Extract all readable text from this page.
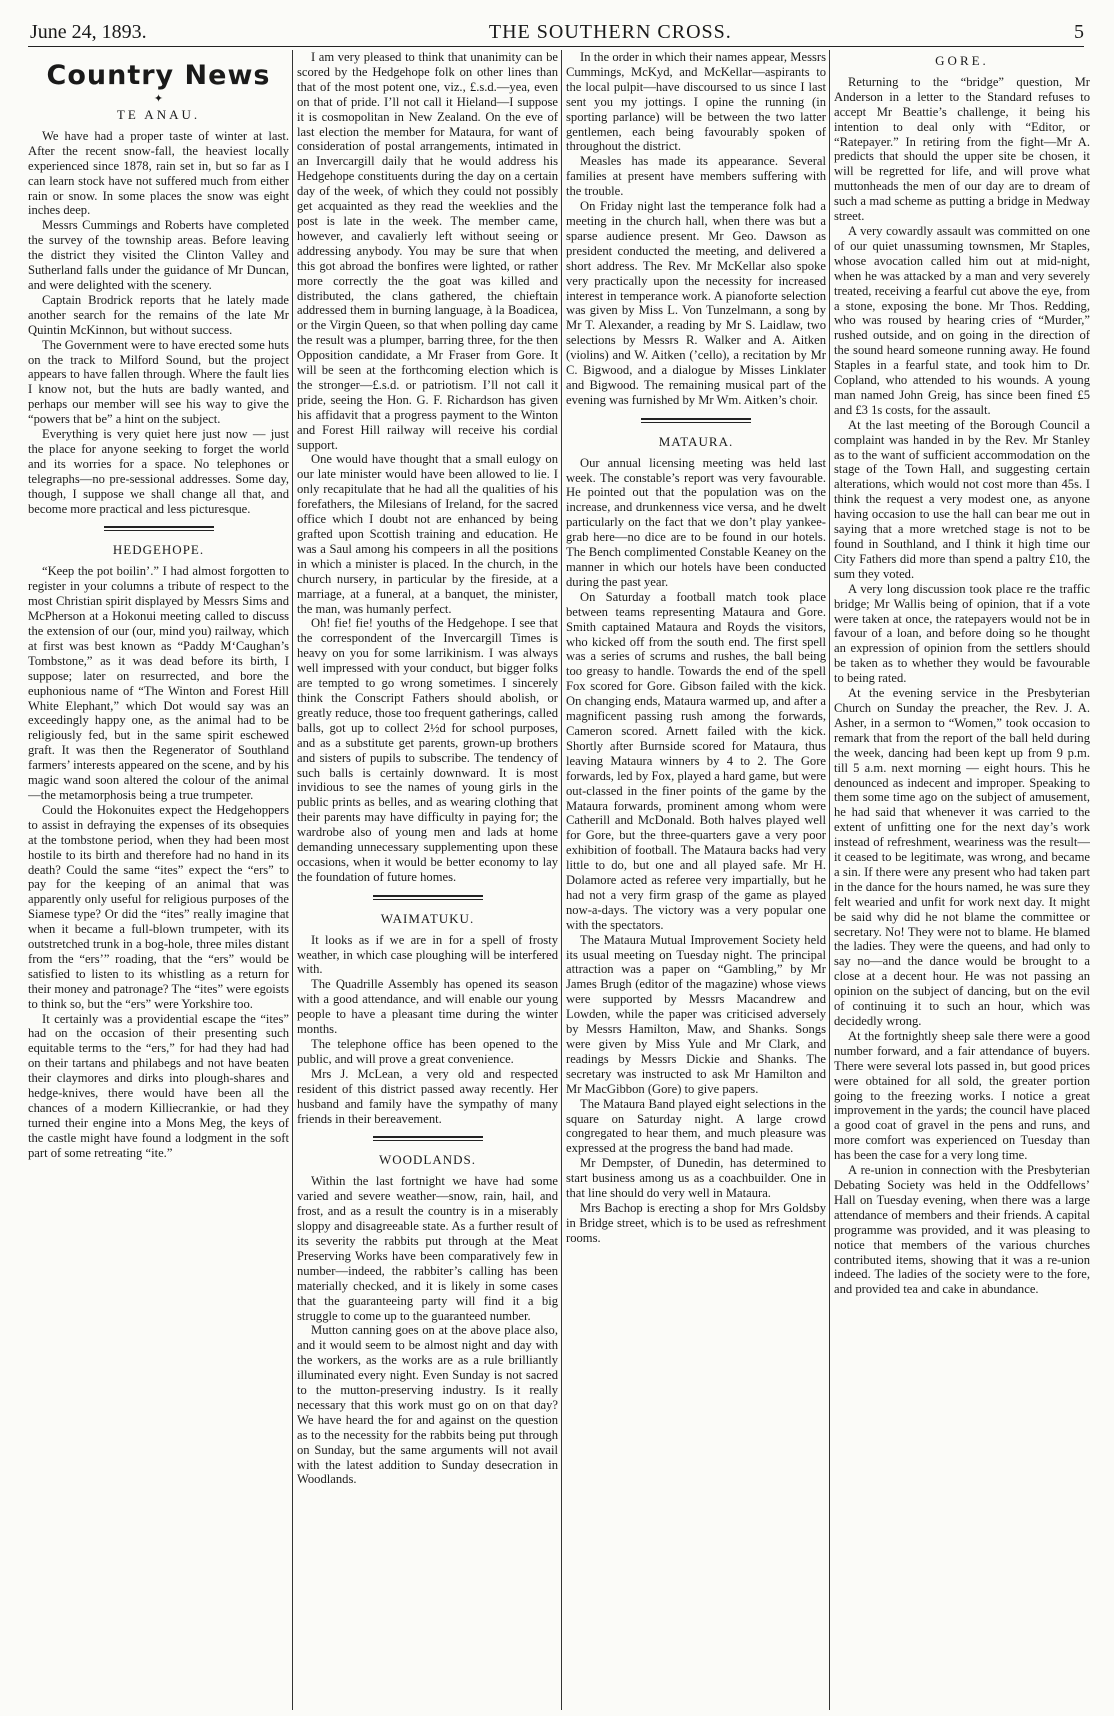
June 24, 1893.	THE SOUTHERN CROSS.	5
Country News
✦
TE ANAU.

We have had a proper taste of winter at last. After the recent snow-fall, the heaviest locally experienced since 1878, rain set in, but so far as I can learn stock have not suffered much from either rain or snow. In some places the snow was eight inches deep.

Messrs Cummings and Roberts have completed the survey of the township areas. Before leaving the district they visited the Clinton Valley and Sutherland falls under the guidance of Mr Duncan, and were delighted with the scenery.

Captain Brodrick reports that he lately made another search for the remains of the late Mr Quintin McKinnon, but without success.

The Government were to have erected some huts on the track to Milford Sound, but the project appears to have fallen through. Where the fault lies I know not, but the huts are badly wanted, and perhaps our member will see his way to give the “powers that be” a hint on the subject.

Everything is very quiet here just now — just the place for anyone seeking to forget the world and its worries for a space. No telephones or telegraphs—no pre-sessional addresses. Some day, though, I suppose we shall change all that, and become more practical and less picturesque.

HEDGEHOPE.

“Keep the pot boilin’.” I had almost forgotten to register in your columns a tribute of respect to the most Christian spirit displayed by Messrs Sims and McPherson at a Hokonui meeting called to discuss the extension of our (our, mind you) railway, which at first was best known as “Paddy M‘Caughan’s Tombstone,” as it was dead before its birth, I suppose; later on resurrected, and bore the euphonious name of “The Winton and Forest Hill White Elephant,” which Dot would say was an exceedingly happy one, as the animal had to be religiously fed, but in the same spirit eschewed graft. It was then the Regenerator of Southland farmers’ interests appeared on the scene, and by his magic wand soon altered the colour of the animal—the metamorphosis being a true trumpeter.

Could the Hokonuites expect the Hedgehoppers to assist in defraying the expenses of its obsequies at the tombstone period, when they had been most hostile to its birth and therefore had no hand in its death? Could the same “ites” expect the “ers” to pay for the keeping of an animal that was apparently only useful for religious purposes of the Siamese type? Or did the “ites” really imagine that when it became a full-blown trumpeter, with its outstretched trunk in a bog-hole, three miles distant from the “ers’” roading, that the “ers” would be satisfied to listen to its whistling as a return for their money and patronage? The “ites” were egoists to think so, but the “ers” were Yorkshire too.

It certainly was a providential escape the “ites” had on the occasion of their presenting such equitable terms to the “ers,” for had they had had on their tartans and philabegs and not have beaten their claymores and dirks into plough-shares and hedge-knives, there would have been all the chances of a modern Killiecrankie, or had they turned their engine into a Mons Meg, the keys of the castle might have found a lodgment in the soft part of some retreating “ite.”

I am very pleased to think that unanimity can be scored by the Hedgehope folk on other lines than that of the most potent one, viz., £.s.d.—yea, even on that of pride. I’ll not call it Hieland—I suppose it is cosmopolitan in New Zealand. On the eve of last election the member for Mataura, for want of consideration of postal arrangements, intimated in an Invercargill daily that he would address his Hedgehope constituents during the day on a certain day of the week, of which they could not possibly get acquainted as they read the weeklies and the post is late in the week. The member came, however, and cavalierly left without seeing or addressing anybody. You may be sure that when this got abroad the bonfires were lighted, or rather more correctly the the goat was killed and distributed, the clans gathered, the chieftain addressed them in burning language, à la Boadicea, or the Virgin Queen, so that when polling day came the result was a plumper, barring three, for the then Opposition candidate, a Mr Fraser from Gore. It will be seen at the forthcoming election which is the stronger—£.s.d. or patriotism. I’ll not call it pride, seeing the Hon. G. F. Richardson has given his affidavit that a progress payment to the Winton and Forest Hill railway will receive his cordial support.

One would have thought that a small eulogy on our late minister would have been allowed to lie. I only recapitulate that he had all the qualities of his forefathers, the Milesians of Ireland, for the sacred office which I doubt not are enhanced by being grafted upon Scottish training and education. He was a Saul among his compeers in all the positions in which a minister is placed. In the church, in the church nursery, in particular by the fireside, at a marriage, at a funeral, at a banquet, the minister, the man, was humanly perfect.

Oh! fie! fie! youths of the Hedgehope. I see that the correspondent of the Invercargill Times is heavy on you for some larrikinism. I was always well impressed with your conduct, but bigger folks are tempted to go wrong sometimes. I sincerely think the Conscript Fathers should abolish, or greatly reduce, those too frequent gatherings, called balls, got up to collect 2½d for school purposes, and as a substitute get parents, grown-up brothers and sisters of pupils to subscribe. The tendency of such balls is certainly downward. It is most invidious to see the names of young girls in the public prints as belles, and as wearing clothing that their parents may have difficulty in paying for; the wardrobe also of young men and lads at home demanding unnecessary supplementing upon these occasions, when it would be better economy to lay the foundation of future homes.

WAIMATUKU.

It looks as if we are in for a spell of frosty weather, in which case ploughing will be interfered with.

The Quadrille Assembly has opened its season with a good attendance, and will enable our young people to have a pleasant time during the winter months.

The telephone office has been opened to the public, and will prove a great convenience.

Mrs J. McLean, a very old and respected resident of this district passed away recently. Her husband and family have the sympathy of many friends in their bereavement.

WOODLANDS.

Within the last fortnight we have had some varied and severe weather—snow, rain, hail, and frost, and as a result the country is in a miserably sloppy and disagreeable state. As a further result of its severity the rabbits put through at the Meat Preserving Works have been comparatively few in number—indeed, the rabbiter’s calling has been materially checked, and it is likely in some cases that the guaranteeing party will find it a big struggle to come up to the guaranteed number.

Mutton canning goes on at the above place also, and it would seem to be almost night and day with the workers, as the works are as a rule brilliantly illuminated every night. Even Sunday is not sacred to the mutton-preserving industry. Is it really necessary that this work must go on on that day? We have heard the for and against on the question as to the necessity for the rabbits being put through on Sunday, but the same arguments will not avail with the latest addition to Sunday desecration in Woodlands.

In the order in which their names appear, Messrs Cummings, McKyd, and McKellar—aspirants to the local pulpit—have discoursed to us since I last sent you my jottings. I opine the running (in sporting parlance) will be between the two latter gentlemen, each being favourably spoken of throughout the district.

Measles has made its appearance. Several families at present have members suffering with the trouble.

On Friday night last the temperance folk had a meeting in the church hall, when there was but a sparse audience present. Mr Geo. Dawson as president conducted the meeting, and delivered a short address. The Rev. Mr McKellar also spoke very practically upon the necessity for increased interest in temperance work. A pianoforte selection was given by Miss L. Von Tunzelmann, a song by Mr T. Alexander, a reading by Mr S. Laidlaw, two selections by Messrs R. Walker and A. Aitken (violins) and W. Aitken (’cello), a recitation by Mr C. Bigwood, and a dialogue by Misses Linklater and Bigwood. The remaining musical part of the evening was furnished by Mr Wm. Aitken’s choir.

MATAURA.

Our annual licensing meeting was held last week. The constable’s report was very favourable. He pointed out that the population was on the increase, and drunkenness vice versa, and he dwelt particularly on the fact that we don’t play yankee-grab here—no dice are to be found in our hotels. The Bench complimented Constable Keaney on the manner in which our hotels have been conducted during the past year.

On Saturday a football match took place between teams representing Mataura and Gore. Smith captained Mataura and Royds the visitors, who kicked off from the south end. The first spell was a series of scrums and rushes, the ball being too greasy to handle. Towards the end of the spell Fox scored for Gore. Gibson failed with the kick. On changing ends, Mataura warmed up, and after a magnificent passing rush among the forwards, Cameron scored. Arnett failed with the kick. Shortly after Burnside scored for Mataura, thus leaving Mataura winners by 4 to 2. The Gore forwards, led by Fox, played a hard game, but were out-classed in the finer points of the game by the Mataura forwards, prominent among whom were Catherill and McDonald. Both halves played well for Gore, but the three-quarters gave a very poor exhibition of football. The Mataura backs had very little to do, but one and all played safe. Mr H. Dolamore acted as referee very impartially, but he had not a very firm grasp of the game as played now-a-days. The victory was a very popular one with the spectators.

The Mataura Mutual Improvement Society held its usual meeting on Tuesday night. The principal attraction was a paper on “Gambling,” by Mr James Brugh (editor of the magazine) whose views were supported by Messrs Macandrew and Lowden, while the paper was criticised adversely by Messrs Hamilton, Maw, and Shanks. Songs were given by Miss Yule and Mr Clark, and readings by Messrs Dickie and Shanks. The secretary was instructed to ask Mr Hamilton and Mr MacGibbon (Gore) to give papers.

The Mataura Band played eight selections in the square on Saturday night. A large crowd congregated to hear them, and much pleasure was expressed at the progress the band had made.

Mr Dempster, of Dunedin, has determined to start business among us as a coachbuilder. One in that line should do very well in Mataura.

Mrs Bachop is erecting a shop for Mrs Goldsby in Bridge street, which is to be used as refreshment rooms.

GORE.

Returning to the “bridge” question, Mr Anderson in a letter to the Standard refuses to accept Mr Beattie’s challenge, it being his intention to deal only with “Editor, or “Ratepayer.” In retiring from the fight—Mr A. predicts that should the upper site be chosen, it will be regretted for life, and will prove what muttonheads the men of our day are to dream of such a mad scheme as putting a bridge in Medway street.

A very cowardly assault was committed on one of our quiet unassuming townsmen, Mr Staples, whose avocation called him out at mid-night, when he was attacked by a man and very severely treated, receiving a fearful cut above the eye, from a stone, exposing the bone. Mr Thos. Redding, who was roused by hearing cries of “Murder,” rushed outside, and on going in the direction of the sound heard someone running away. He found Staples in a fearful state, and took him to Dr. Copland, who attended to his wounds. A young man named John Greig, has since been fined £5 and £3 1s costs, for the assault.

At the last meeting of the Borough Council a complaint was handed in by the Rev. Mr Stanley as to the want of sufficient accommodation on the stage of the Town Hall, and suggesting certain alterations, which would not cost more than 45s. I think the request a very modest one, as anyone having occasion to use the hall can bear me out in saying that a more wretched stage is not to be found in Southland, and I think it high time our City Fathers did more than spend a paltry £10, the sum they voted.

A very long discussion took place re the traffic bridge; Mr Wallis being of opinion, that if a vote were taken at once, the ratepayers would not be in favour of a loan, and before doing so he thought an expression of opinion from the settlers should be taken as to whether they would be favourable to being rated.

At the evening service in the Presbyterian Church on Sunday the preacher, the Rev. J. A. Asher, in a sermon to “Women,” took occasion to remark that from the report of the ball held during the week, dancing had been kept up from 9 p.m. till 5 a.m. next morning — eight hours. This he denounced as indecent and improper. Speaking to them some time ago on the subject of amusement, he had said that whenever it was carried to the extent of unfitting one for the next day’s work instead of refreshment, weariness was the result—it ceased to be legitimate, was wrong, and became a sin. If there were any present who had taken part in the dance for the hours named, he was sure they felt wearied and unfit for work next day. It might be said why did he not blame the committee or secretary. No! They were not to blame. He blamed the ladies. They were the queens, and had only to say no—and the dance would be brought to a close at a decent hour. He was not passing an opinion on the subject of dancing, but on the evil of continuing it to such an hour, which was decidedly wrong.

At the fortnightly sheep sale there were a good number forward, and a fair attendance of buyers. There were several lots passed in, but good prices were obtained for all sold, the greater portion going to the freezing works. I notice a great improvement in the yards; the council have placed a good coat of gravel in the pens and runs, and more comfort was experienced on Tuesday than has been the case for a very long time.

A re-union in connection with the Presbyterian Debating Society was held in the Oddfellows’ Hall on Tuesday evening, when there was a large attendance of members and their friends. A capital programme was provided, and it was pleasing to notice that members of the various churches contributed items, showing that it was a re-union indeed. The ladies of the society were to the fore, and provided tea and cake in abundance.
